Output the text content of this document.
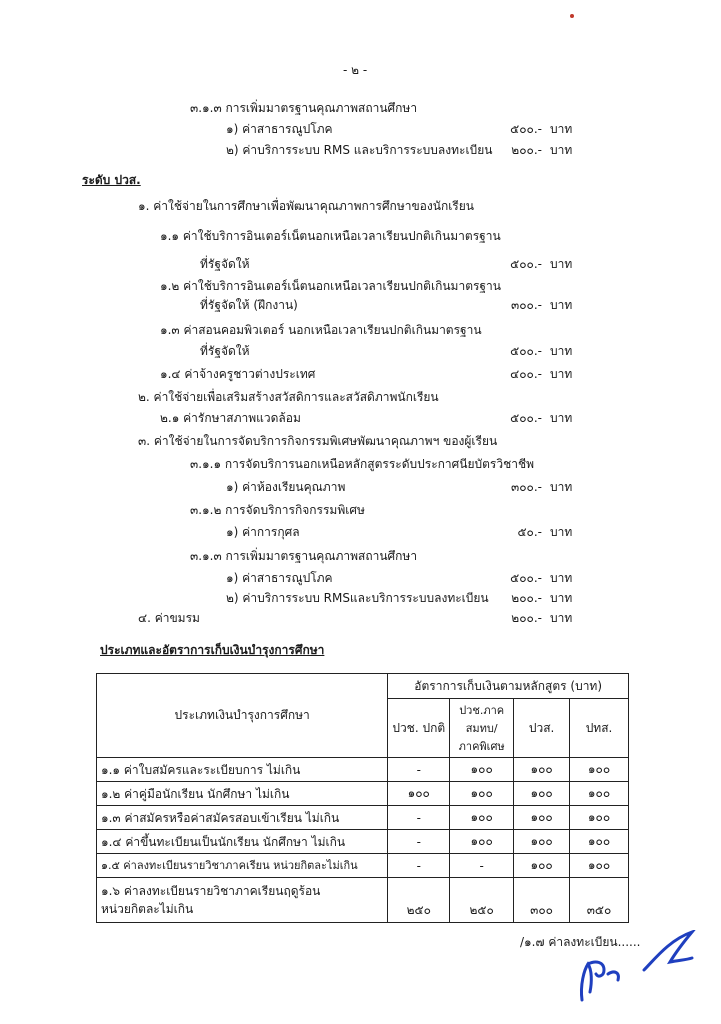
- ๒ -
๓.๑.๓ การเพิ่มมาตรฐานคุณภาพสถานศึกษา
๑) ค่าสาธารณูปโภค	๕๐๐.- บาท
๒) ค่าบริการระบบ RMS และบริการระบบลงทะเบียน	๒๐๐.- บาท
ระดับ ปวส.
๑. ค่าใช้จ่ายในการศึกษาเพื่อพัฒนาคุณภาพการศึกษาของนักเรียน
๑.๑ ค่าใช้บริการอินเตอร์เน็ตนอกเหนือเวลาเรียนปกติเกินมาตรฐาน
ที่รัฐจัดให้	๕๐๐.- บาท
๑.๒ ค่าใช้บริการอินเตอร์เน็ตนอกเหนือเวลาเรียนปกติเกินมาตรฐาน
ที่รัฐจัดให้ (ฝึกงาน)	๓๐๐.- บาท
๑.๓ ค่าสอนคอมพิวเตอร์ นอกเหนือเวลาเรียนปกติเกินมาตรฐาน
ที่รัฐจัดให้	๕๐๐.- บาท
๑.๔ ค่าจ้างครูชาวต่างประเทศ	๔๐๐.- บาท
๒. ค่าใช้จ่ายเพื่อเสริมสร้างสวัสดิการและสวัสดิภาพนักเรียน
๒.๑ ค่ารักษาสภาพแวดล้อม	๕๐๐.- บาท
๓. ค่าใช้จ่ายในการจัดบริการกิจกรรมพิเศษพัฒนาคุณภาพฯ ของผู้เรียน
๓.๑.๑ การจัดบริการนอกเหนือหลักสูตรระดับประกาศนียบัตรวิชาชีพ
๑) ค่าห้องเรียนคุณภาพ	๓๐๐.- บาท
๓.๑.๒ การจัดบริการกิจกรรมพิเศษ
๑) ค่าการกุศล	๕๐.- บาท
๓.๑.๓ การเพิ่มมาตรฐานคุณภาพสถานศึกษา
๑) ค่าสาธารณูปโภค	๕๐๐.- บาท
๒) ค่าบริการระบบ RMSและบริการระบบลงทะเบียน	๒๐๐.- บาท
๔. ค่าขมรม	๒๐๐.- บาท
ประเภทและอัตราการเก็บเงินบำรุงการศึกษา
ประเภทเงินบำรุงการศึกษา	อัตราการเก็บเงินตามหลักสูตร (บาท)			
	ปวช. ปกติ	ปวช.ภาค สมทบ/ ภาคพิเศษ	ปวส.	ปทส.
๑.๑ ค่าใบสมัครและระเบียบการ ไม่เกิน	-	๑๐๐	๑๐๐	๑๐๐
๑.๒ ค่าคู่มือนักเรียน นักศึกษา ไม่เกิน	๑๐๐	๑๐๐	๑๐๐	๑๐๐
๑.๓ ค่าสมัครหรือค่าสมัครสอบเข้าเรียน ไม่เกิน	-	๑๐๐	๑๐๐	๑๐๐
๑.๔ ค่าขึ้นทะเบียนเป็นนักเรียน นักศึกษา ไม่เกิน	-	๑๐๐	๑๐๐	๑๐๐
๑.๕ ค่าลงทะเบียนรายวิชาภาคเรียน หน่วยกิตละไม่เกิน	-	-	๑๐๐	๑๐๐
๑.๖ ค่าลงทะเบียนรายวิชาภาคเรียนฤดูร้อน หน่วยกิตละไม่เกิน	๒๕๐	๒๕๐	๓๐๐	๓๕๐
/๑.๗ ค่าลงทะเบียน......
